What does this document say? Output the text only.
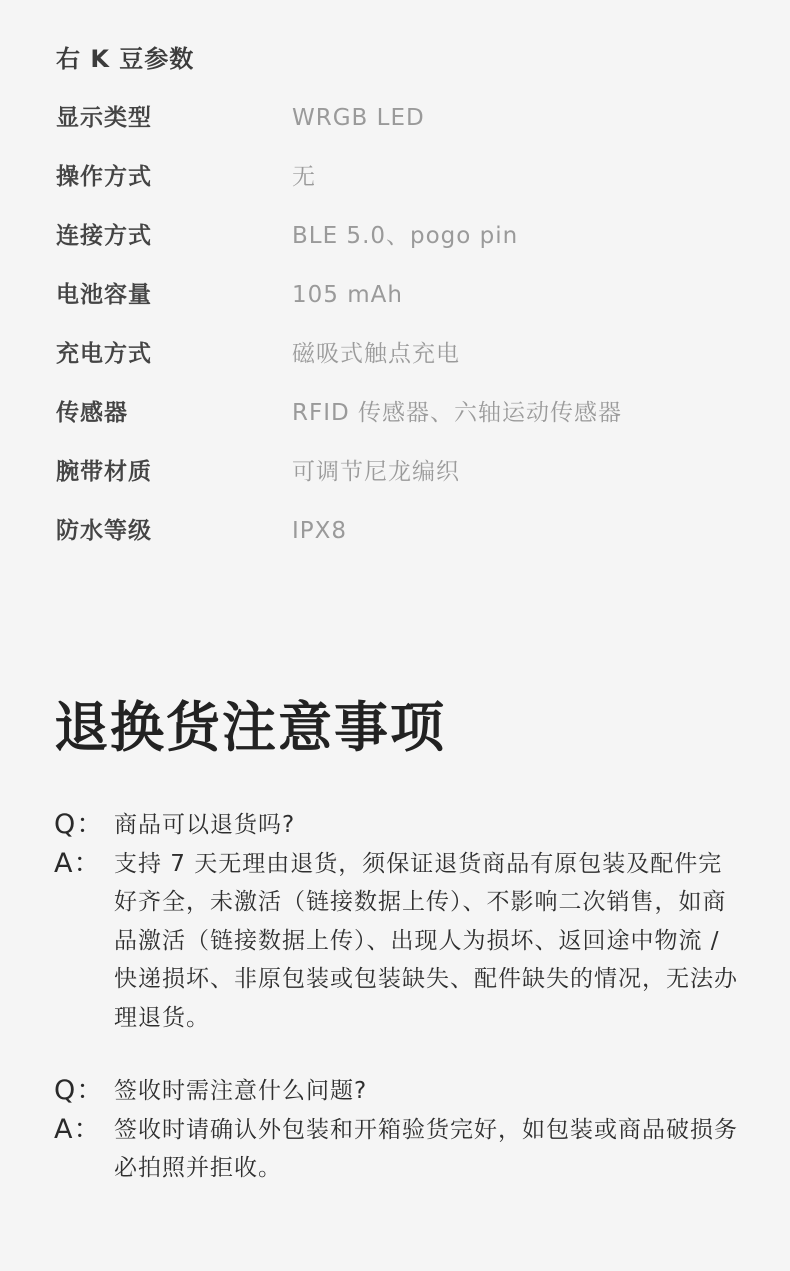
右 K 豆参数
显示类型	WRGB LED
操作方式	无
连接方式	BLE 5.0、pogo pin
电池容量	105 mAh
充电方式	磁吸式触点充电
传感器	RFID 传感器、六轴运动传感器
腕带材质	可调节尼龙编织
防水等级	IPX8
退换货注意事项
Q： 商品可以退货吗?
A： 支持 7 天无理由退货，须保证退货商品有原包装及配件完好齐全，未激活（链接数据上传）、不影响二次销售，如商品激活（链接数据上传）、出现人为损坏、返回途中物流 / 快递损坏、非原包装或包装缺失、配件缺失的情况，无法办理退货。
Q： 签收时需注意什么问题?
A： 签收时请确认外包装和开箱验货完好，如包装或商品破损务必拍照并拒收。
